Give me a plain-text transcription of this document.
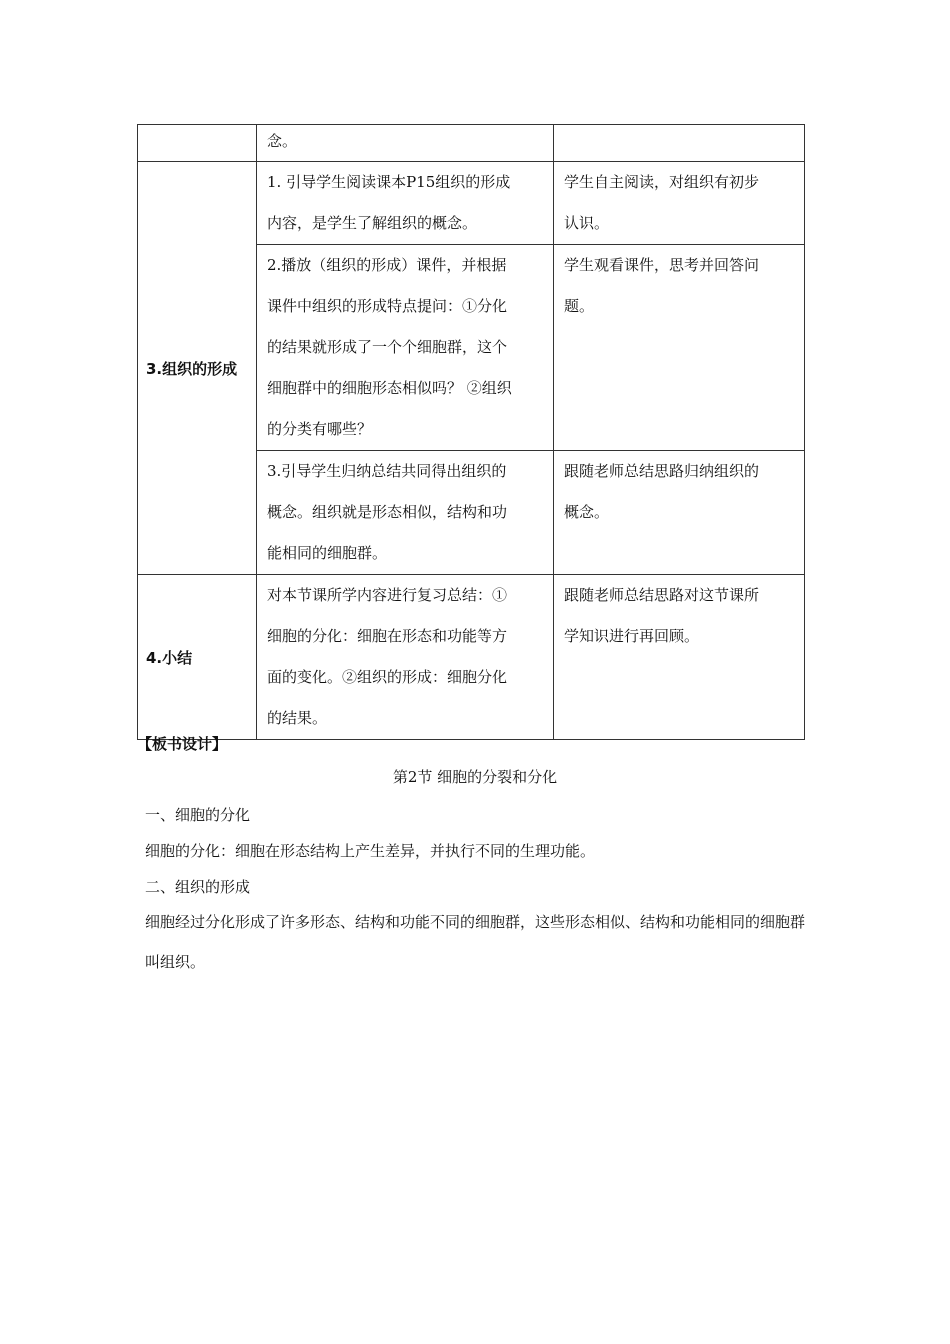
	念。	

3.组织的形成	1. 引导学生阅读课本P15组织的形成
内容，是学生了解组织的概念。	学生自主阅读，对组织有初步
认识。

	2.播放（组织的形成）课件，并根据
课件中组织的形成特点提问：①分化
的结果就形成了一个个细胞群，这个
细胞群中的细胞形态相似吗？ ②组织
的分类有哪些？	学生观看课件，思考并回答问
题。

	3.引导学生归纳总结共同得出组织的
概念。组织就是形态相似，结构和功
能相同的细胞群。	跟随老师总结思路归纳组织的
概念。

4.小结	对本节课所学内容进行复习总结：①
细胞的分化：细胞在形态和功能等方
面的变化。②组织的形成：细胞分化
的结果。	跟随老师总结思路对这节课所
学知识进行再回顾。
【板书设计】
第2节 细胞的分裂和分化
一、细胞的分化
细胞的分化：细胞在形态结构上产生差异，并执行不同的生理功能。
二、组织的形成
细胞经过分化形成了许多形态、结构和功能不同的细胞群，这些形态相似、结构和功能相同的细胞群叫组织。
